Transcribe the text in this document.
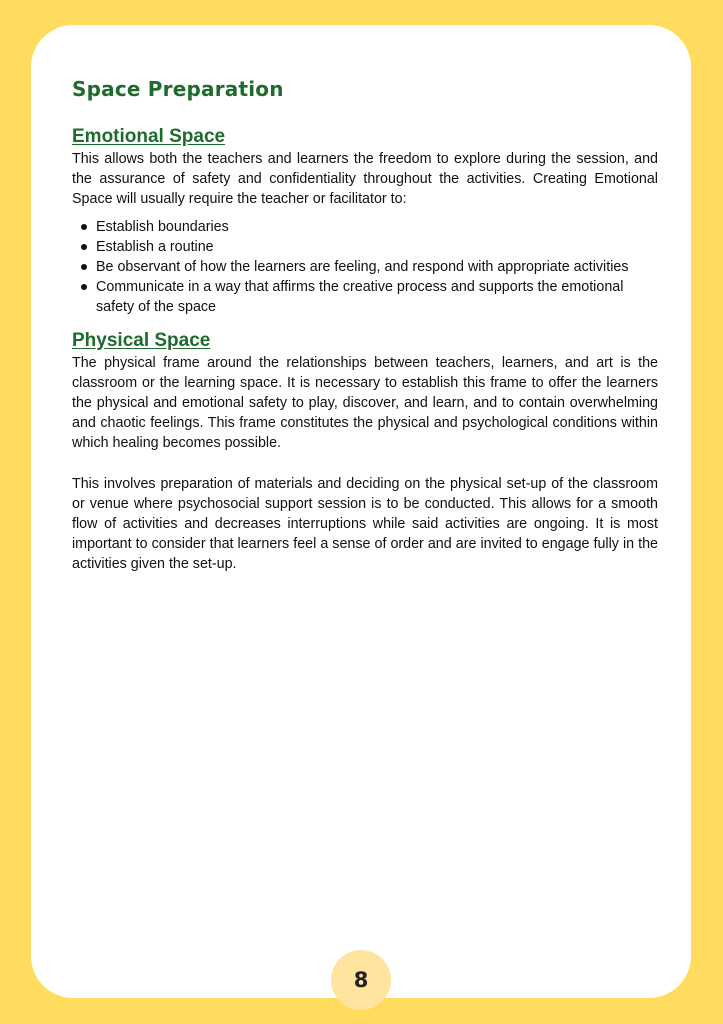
Space Preparation
Emotional Space

This allows both the teachers and learners the freedom to explore during the session, and the assurance of safety and confidentiality throughout the activities. Creating Emotional Space will usually require the teacher or facilitator to:

Establish boundaries
Establish a routine
Be observant of how the learners are feeling, and respond with appropriate activities
Communicate in a way that affirms the creative process and supports the emotional safety of the space
Physical Space

The physical frame around the relationships between teachers, learners, and art is the classroom or the learning space. It is necessary to establish this frame to offer the learners the physical and emotional safety to play, discover, and learn, and to contain overwhelming and chaotic feelings. This frame constitutes the physical and psychological conditions within which healing becomes possible.

This involves preparation of materials and deciding on the physical set-up of the classroom or venue where psychosocial support session is to be conducted. This allows for a smooth flow of activities and decreases interruptions while said activities are ongoing. It is most important to consider that learners feel a sense of order and are invited to engage fully in the activities given the set-up.

8
